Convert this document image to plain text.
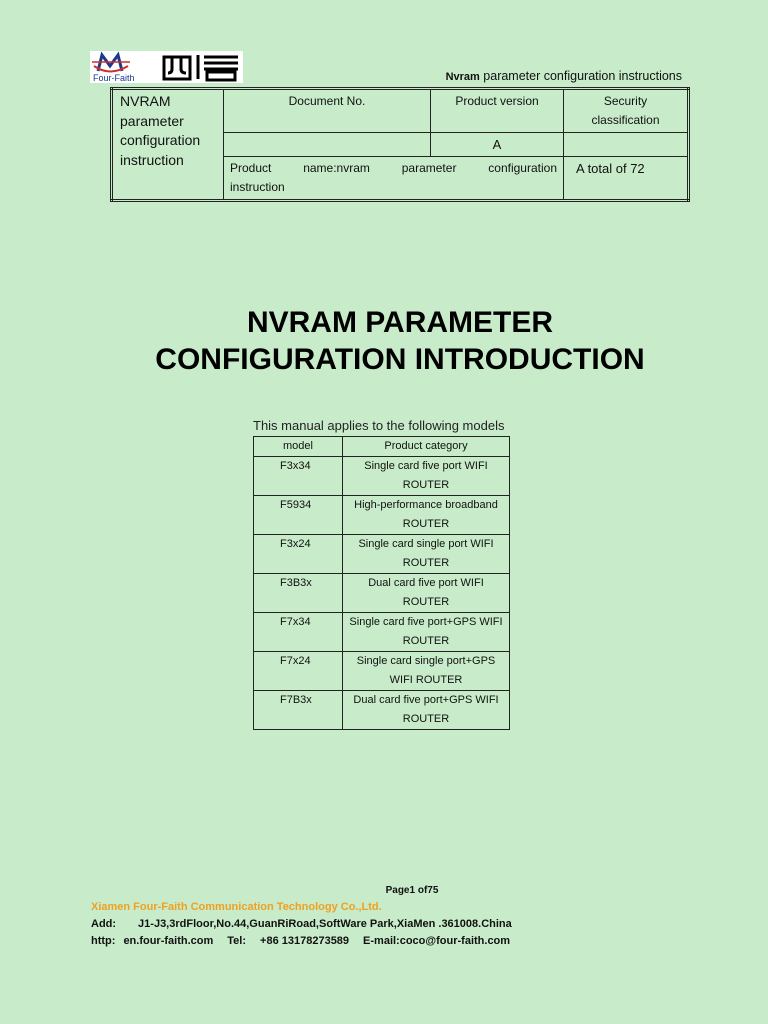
Four-Faith	Nvram parameter configuration instructions
NVRAM parameter configuration instruction	Document No.	Product version	Security classification
		A	

	Product name:nvram parameter configuration instruction		A total of 72
NVRAM PARAMETER
CONFIGURATION INTRODUCTION
This manual applies to the following models
model	Product category
F3x34	Single card five port WIFI ROUTER
F5934	High-performance broadband ROUTER
F3x24	Single card single port WIFI ROUTER
F3B3x	Dual card five port WIFI ROUTER
F7x34	Single card five port+GPS WIFI ROUTER
F7x24	Single card single port+GPS WIFI ROUTER
F7B3x	Dual card five port+GPS WIFI ROUTER
Page1 of75
Xiamen Four-Faith Communication Technology Co.,Ltd.
Add: J1-J3,3rdFloor,No.44,GuanRiRoad,SoftWare Park,XiaMen .361008.China
http: en.four-faith.com Tel: +86 13178273589 E-mail:coco@four-faith.com
